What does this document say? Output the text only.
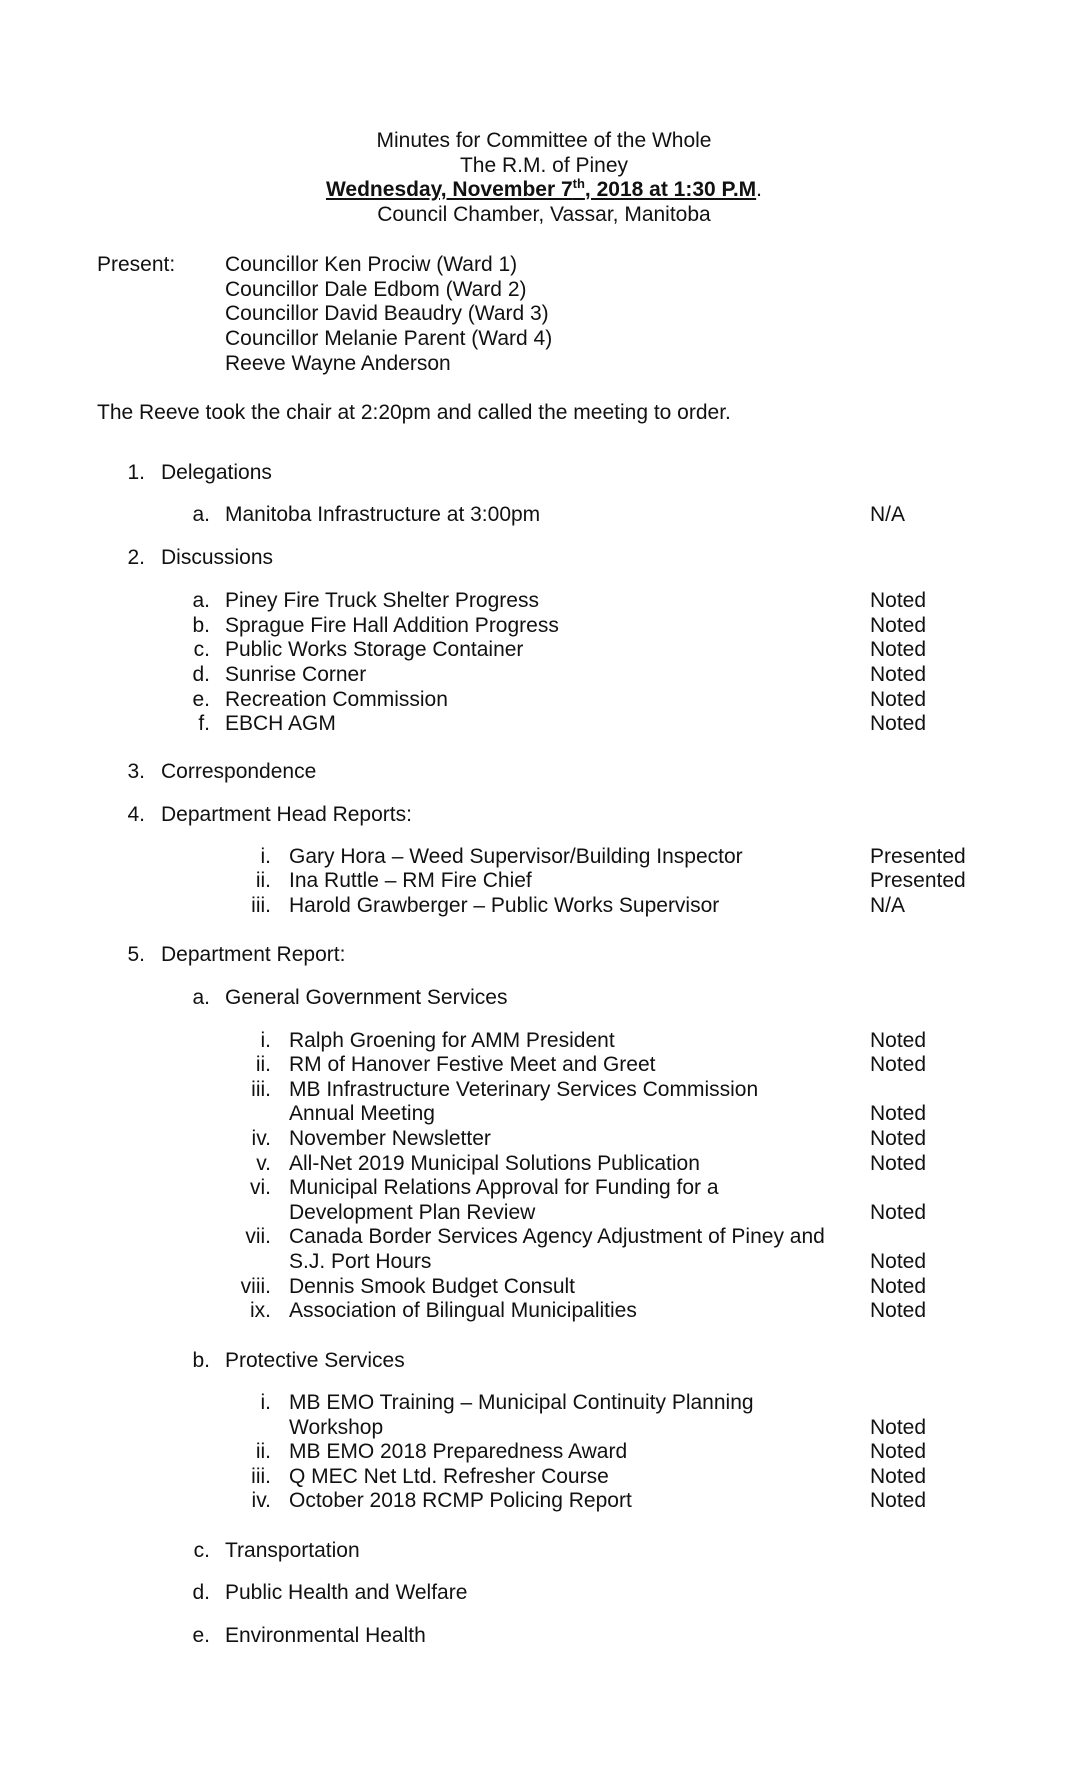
Minutes for Committee of the Whole
The R.M. of Piney
Wednesday, November 7th, 2018 at 1:30 P.M.
Council Chamber, Vassar, Manitoba
Present: Councillor Ken Prociw (Ward 1)
Councillor Dale Edbom (Ward 2)
Councillor David Beaudry (Ward 3)
Councillor Melanie Parent (Ward 4)
Reeve Wayne Anderson
The Reeve took the chair at 2:20pm and called the meeting to order.
1. Delegations
a. Manitoba Infrastructure at 3:00pm	N/A
2. Discussions
a. Piney Fire Truck Shelter Progress	Noted
b. Sprague Fire Hall Addition Progress	Noted
c. Public Works Storage Container	Noted
d. Sunrise Corner	Noted
e. Recreation Commission	Noted
f. EBCH AGM	Noted
3. Correspondence
4. Department Head Reports:
i. Gary Hora – Weed Supervisor/Building Inspector	Presented
ii. Ina Ruttle – RM Fire Chief	Presented
iii. Harold Grawberger – Public Works Supervisor	N/A
5. Department Report:
a. General Government Services
i. Ralph Groening for AMM President	Noted
ii. RM of Hanover Festive Meet and Greet	Noted
iii. MB Infrastructure Veterinary Services Commission
Annual Meeting	Noted
iv. November Newsletter	Noted
v. All-Net 2019 Municipal Solutions Publication	Noted
vi. Municipal Relations Approval for Funding for a
Development Plan Review	Noted
vii. Canada Border Services Agency Adjustment of Piney and
S.J. Port Hours	Noted
viii. Dennis Smook Budget Consult	Noted
ix. Association of Bilingual Municipalities	Noted
b. Protective Services
i. MB EMO Training – Municipal Continuity Planning
Workshop	Noted
ii. MB EMO 2018 Preparedness Award	Noted
iii. Q MEC Net Ltd. Refresher Course	Noted
iv. October 2018 RCMP Policing Report	Noted
c. Transportation
d. Public Health and Welfare
e. Environmental Health
